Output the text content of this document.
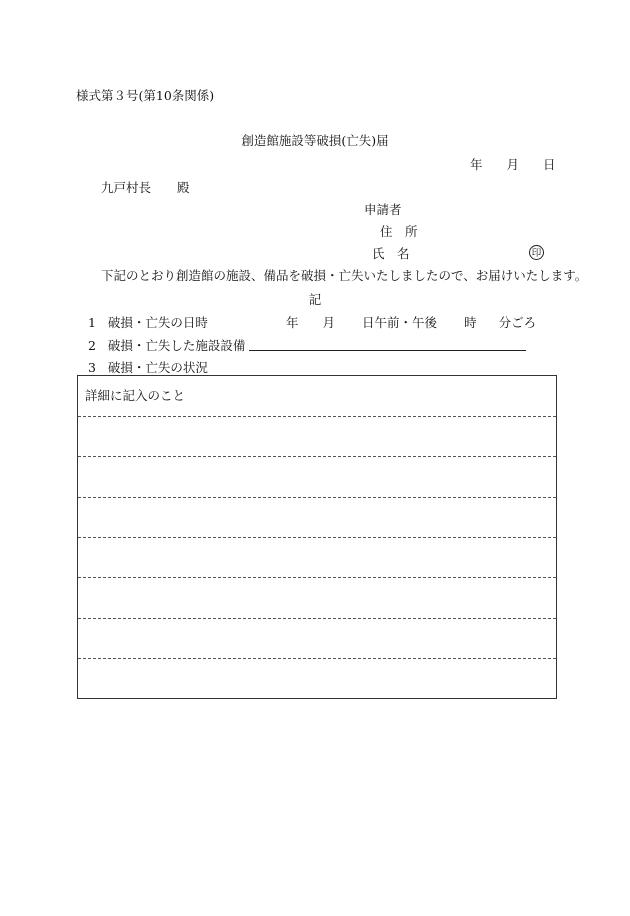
様式第３号(第10条関係)
創造館施設等破損(亡失)届
年 月 日
九戸村長 殿
申請者
住　所
氏　名	印
下記のとおり創造館の施設、備品を破損・亡失いたしましたので、お届けいたします。
記
1 破損・亡失の日時	年 月 日午前・午後 時 分ごろ
2 破損・亡失した施設設備
3 破損・亡失の状況
詳細に記入のこと
